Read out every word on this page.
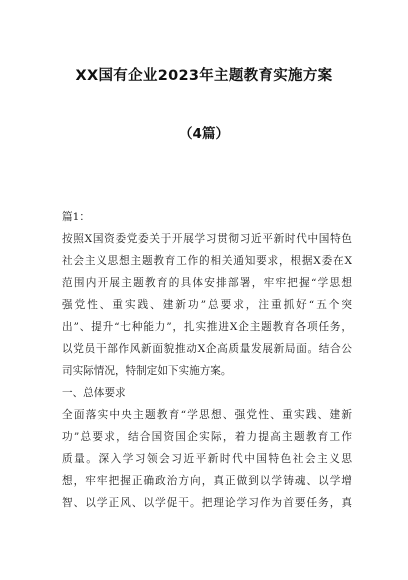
XX国有企业2023年主题教育实施方案
（4篇）
篇1：
按照X国资委党委关于开展学习贯彻习近平新时代中国特色
社会主义思想主题教育工作的相关通知要求，根据X委在X
范围内开展主题教育的具体安排部署，牢牢把握“学思想
强党性、重实践、建新功”总要求，注重抓好“五个突
出”、提升“七种能力”，扎实推进X企主题教育各项任务，
以党员干部作风新面貌推动X企高质量发展新局面。结合公
司实际情况，特制定如下实施方案。
一、总体要求
全面落实中央主题教育“学思想、强党性、重实践、建新
功”总要求，结合国资国企实际，着力提高主题教育工作
质量。深入学习领会习近平新时代中国特色社会主义思
想，牢牢把握正确政治方向，真正做到以学铸魂、以学增
智、以学正风、以学促干。把理论学习作为首要任务，真
